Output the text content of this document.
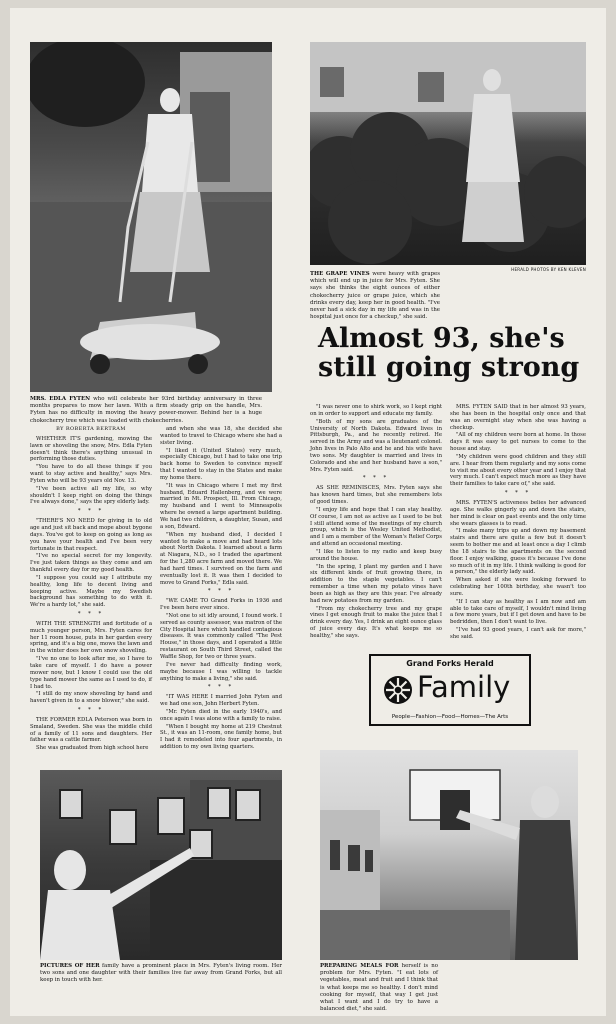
HERALD PHOTOS BY KEN KLEVEN
THE GRAPE VINES were heavy with grapes which will end up in juice for Mrs. Fyten. She says she thinks the eight ounces of either chokecherry juice or grape juice, which she drinks every day, keep her in good health. "I've never had a sick day in my life and was in the hospital just once for a checkup," she said.
Almost 93, she's
still going strong
MRS. EDLA FYTEN who will celebrate her 93rd birthday anniversary in three months prepares to mow her lawn. With a firm steady grip on the handle, Mrs. Fyten has no difficulty in moving the heavy power-mower. Behind her is a huge chokecherry tree which was loaded with chokecherries.

BY ROBERTA BERTRAM

WHETHER IT'S gardening, mowing the lawn or shoveling the snow, Mrs. Edla Fyten doesn't think there's anything unusual in performing those duties.

"You have to do all these things if you want to stay active and healthy," says Mrs. Fyten who will be 93 years old Nov. 13.

"I've been active all my life, so why shouldn't I keep right on doing the things I've always done," says the spry elderly lady.

* * *

"THERE'S NO NEED for giving in to old age and just sit back and mope about bygone days. You've got to keep on going as long as you have your health and I've been very fortunate in that respect.

"I've no special secret for my longevity. I've just taken things as they come and am thankful every day for my good health.

"I suppose you could say I attribute my healthy, long life to decent living and keeping active. Maybe my Swedish background has something to do with it. We're a hardy lot," she said.

* * *

WITH THE STRENGTH and fortitude of a much younger person, Mrs. Fyten cares for her 11 room house, puts in her garden every spring, and it's a big one, mows the lawn and in the winter does her own snow shoveling.

"I've no one to look after me, so I have to take care of myself. I do have a power mower now, but I know I could use the old type hand mower the same as I used to do, if I had to.

"I still do my snow shoveling by hand and haven't given in to a snow blower," she said.

* * *

THE FORMER EDLA Peterson was born in Smaland, Sweden. She was the middle child of a family of 11 sons and daughters. Her father was a cattle farmer.

She was graduated from high school here

and when she was 18, she decided she wanted to travel to Chicago where she had a sister living.

"I liked it (United States) very much, especially Chicago, but I had to take one trip back home to Sweden to convince myself that I wanted to stay in the States and make my home there.

"It was in Chicago where I met my first husband, Eduard Hallenberg, and we were married in Mt. Prospect, Ill. From Chicago, my husband and I went to Minneapolis where he owned a large apartment building. We had two children, a daughter, Susan, and a son, Edward.

"When my husband died, I decided I wanted to make a move and had heard lots about North Dakota. I learned about a farm at Niagara, N.D., so I traded the apartment for the 1,280 acre farm and moved there. We had hard times. I survived on the farm and eventually lost it. It was then I decided to move to Grand Forks," Edla said.

* * *

"WE CAME TO Grand Forks in 1936 and I've been here ever since.

"Not one to sit idly around, I found work. I served as county assessor, was matron of the City Hospital here which handled contagious diseases. It was commonly called "The Pest House," in those days, and I operated a little restaurant on South Third Street, called the Waffle Shop, for two or three years.

I've never had difficulty finding work, maybe because I was willing to tackle anything to make a living," she said.

* * *

"IT WAS HERE I married John Fyten and we had one son, John Herbert Fyten.

"Mr. Fyten died in the early 1940's, and once again I was alone with a family to raise.

"When I bought my home at 219 Chestnut St., it was an 11-room, one family home, but I had it remodeled into four apartments, in addition to my own living quarters.

"I was never one to shirk work, so I kept right on in order to support and educate my family.

"Both of my sons are graduates of the University of North Dakota. Edward lives in Pittsburgh, Pa., and he recently retired. He served in the Army and was a lieutenant colonel. John lives in Palo Alto and he and his wife have two sons. My daughter is married and lives in Colorado and she and her husband have a son," Mrs. Fyten said.

* * *

AS SHE REMINISCES, Mrs. Fyten says she has known hard times, but she remembers lots of good times.

"I enjoy life and hope that I can stay healthy. Of course, I am not as active as I used to be but I still attend some of the meetings of my church group, which is the Wesley United Methodist, and I am a member of the Woman's Relief Corps and attend an occasional meeting.

"I like to listen to my radio and keep busy around the house.

"In the spring, I plant my garden and I have six different kinds of fruit growing there, in addition to the staple vegetables. I can't remember a time when my potato vines have been as high as they are this year. I've already had new potatoes from my garden.

"From my chokecherry tree and my grape vines I get enough fruit to make the juice that I drink every day. Yes, I drink an eight ounce glass of juice every day. It's what keeps me so healthy," she says.

MRS. FYTEN SAID that in her almost 93 years, she has been in the hospital only once and that was an overnight stay when she was having a checkup.

"All of my children were born at home. In those days it was easy to get nurses to come to the house and stay.

"My children were good children and they still are. I hear from them regularly and my sons come to visit me about every other year and I enjoy that very much. I can't expect much more as they have their families to take care of," she said.

* * *

MRS. FYTEN'S activeness belies her advanced age. She walks gingerly up and down the stairs, her mind is clear on past events and the only time she wears glasses is to read.

"I make many trips up and down my basement stairs and there are quite a few but it doesn't seem to bother me and at least once a day I climb the 18 stairs to the apartments on the second floor. I enjoy walking, guess it's because I've done so much of it in my life. I think walking is good for a person," the elderly lady said.

When asked if she were looking forward to celebrating her 100th birthday, she wasn't too sure.

"If I can stay as healthy as I am now and am able to take care of myself, I wouldn't mind living a few more years, but if I get down and have to be bedridden, then I don't want to live.

"I've had 93 good years, I can't ask for more," she said.

Grand Forks Herald
Family
People—Fashion—Food—Homes—The Arts
PICTURES OF HER family have a prominent place in Mrs. Fyten's living room. Her two sons and one daughter with their families live far away from Grand Forks, but all keep in touch with her.
PREPARING MEALS FOR herself is no problem for Mrs. Fyten. "I eat lots of vegetables, meat and fruit and I think that is what keeps me so healthy. I don't mind cooking for myself, that way I get just what I want and I do try to have a balanced diet," she said.
